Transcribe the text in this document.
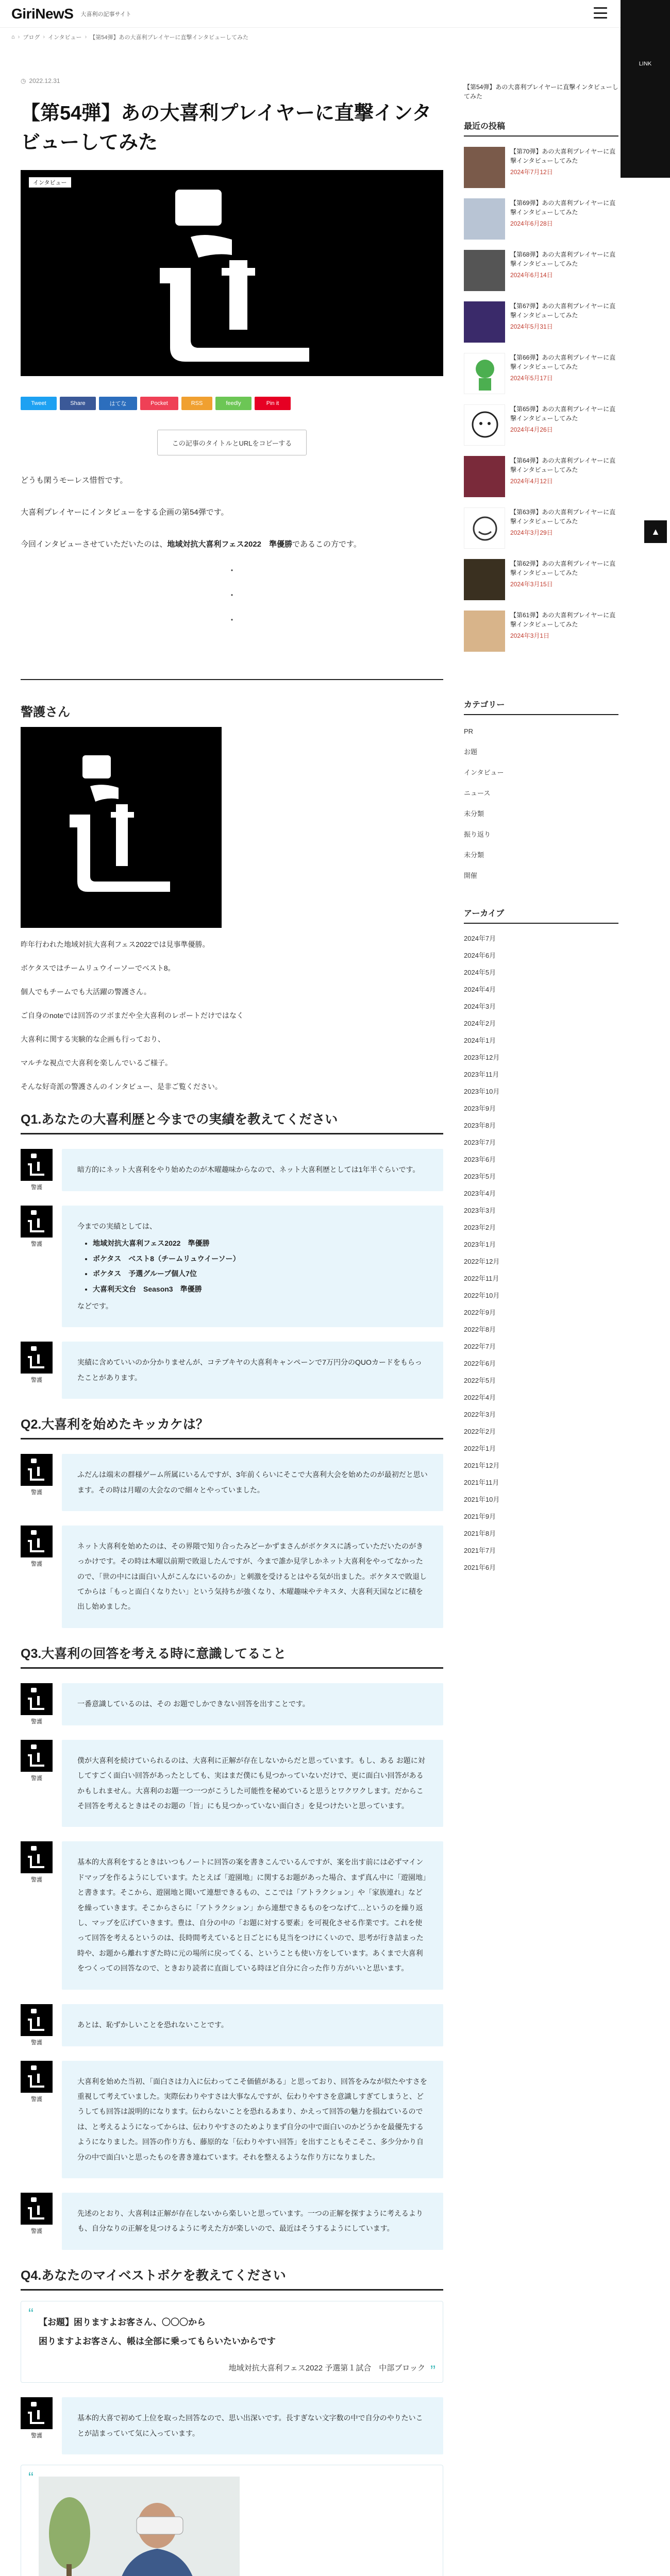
GiriNewS 大喜利の記事サイト
LINK
▲
⌂ › ブログ › インタビュー › 【第54弾】あの大喜利プレイヤーに直撃インタビューしてみた
◷ 2022.12.31
【第54弾】あの大喜利プレイヤーに直撃インタビューしてみた
インタビュー
Tweet	Share	はてな	Pocket	RSS	feedly	Pin it
この記事のタイトルとURLをコピーする

どうも閑うモーレス惜哲です。

大喜利プレイヤーにインタビューをする企画の第54弾です。

今回インタビューさせていただいたのは、地域対抗大喜利フェス2022　準優勝であるこの方です。

・
・
・
警護さん

昨年行われた地域対抗大喜利フェス2022では見事準優勝。

ボケタスではチームリュウイーソーでベスト8。

個人でもチームでも大活躍の警護さん。

ご自身のnoteでは回答のツボまだや全大喜利のレポートだけではなく

大喜利に関する実験的な企画も行っており、

マルチな視点で大喜利を楽しんでいるご様子。

そんな好奇派の警護さんのインタビュー、是非ご覧ください。

Q1.あなたの大喜利歴と今までの実績を教えてください
警護
暗方的にネット大喜利をやり始めたのが木曜趣味からなので、ネット大喜利歴としては1年半ぐらいです。
警護
今までの実績としては、
• 地域対抗大喜利フェス2022　準優勝
• ボケタス　ベスト8（チームリュウイーソー）
• ボケタス　予選グループ個人7位
• 大喜利天文台　Season3　準優勝
などです。
警護
実績に含めていいのか分かりませんが、コテブキヤの大喜利キャンペーンで7万円分のQUOカードをもらったことがあります。
Q2.大喜利を始めたキッカケは？
警護
ふだんは端末の群様ゲーム所属にいるんですが、3年前くらいにそこで大喜利大会を始めたのが最初だと思います。その時は月曜の大会なので細々とやっていました。
警護
ネット大喜利を始めたのは、その界隈で知り合ったみどーかずまさんがボケタスに誘っていただいたのがきっかけです。その時は木曜以前期で敗退したんですが、今まで誰か見学しかネット大喜利をやってなかったので、「世の中には面白い人がこんなにいるのか」と刺激を受けるとはやる気が出ました。ボケタスで敗退してからは「もっと面白くなりたい」という気持ちが強くなり、木曜趣味やテキスタ、大喜利天国などに積を出し始めました。
Q3.大喜利の回答を考える時に意識してること
警護
一番意識しているのは、その お題でしかできない回答を出すことです。
警護
僕が大喜利を続けていられるのは、大喜利に正解が存在しないからだと思っています。もし、ある お題に対してすごく面白い回答があったとしても、実はまだ僕にも見つかっていないだけで、更に面白い回答があるかもしれません。大喜利のお題一つ一つがこうした可能性を秘めていると思うとワクワクします。だからこそ回答を考えるときはそのお題の「旨」にも見つかっていない面白さ」を見つけたいと思っています。
警護
基本的大喜利をするときはいつもノートに回答の案を書きこんでいるんですが、案を出す前には必ずマインドマップを作るようにしています。たとえば「遊園地」に関するお題があった場合、まず真ん中に「遊園地」と書きます。そこから、遊園地と聞いて連想できるもの、ここでは「アトラクション」や「家族連れ」などを繰っていきます。そこからさらに「アトラクション」から連想できるものをつなげて…というのを繰り返し、マップを広げていきます。豊は、自分の中の「お題に対する要素」を可視化させる作業です。これを使って回答を考えるというのは、長時間考えていると日ごとにも見当をつけにくいので、思考が行き詰まった時や、お題から離れすぎた時に元の場所に戻ってくる、ということも使い方をしています。あくまで大喜利をつくっての回答なので、ときおり読者に直面している時ほど自分に合った作り方がいいと思います。
警護
あとは、恥ずかしいことを恐れないことです。
警護
大喜利を始めた当初、「面白さは力入に伝わってこそ価値がある」と思っており、回答をみなが似たやすさを重視して考えていました。実際伝わりやすさは大事なんですが、伝わりやすさを意識しすぎてしまうと、どうしても回答は説明的になります。伝わらないことを恐れるあまり、かえって回答の魅力を損ねているのでは、と考えるようになってからは、伝わりやすさのためよりまず自分の中で面白いのかどうかを最優先するようになりました。回答の作り方も、藤原的な「伝わりやすい回答」を出すこともそこそこ、多少分かり自分の中で面白いと思ったものを書き連ねています。それを整えるような作り方になりました。
警護
先述のとおり、大喜利は正解が存在しないから楽しいと思っています。一つの正解を探すように考えるよりも、自分なりの正解を見つけるように考えた方が楽しいので、最近はそうするようにしています。
Q4.あなたのマイベストボケを教えてください
“ 【お題】困りますよお客さん、〇〇〇から
困りますよお客さん、帳は全部に乗ってもらいたいからです
地域対抗大喜利フェス2022 予選第１試合　中部ブロック ”
警護
基本的大喜で初めて上位を取った回答なので、思い出深いです。長すぎない文字数の中で自分のやりたいことが詰まっていて気に入っています。
“
【第54弾】あの大喜利プレイヤーに直撃インタビューしてみた
最近の投稿
【第70弾】あの大喜利プレイヤーに直撃インタビューしてみた
2024年7月12日
【第69弾】あの大喜利プレイヤーに直撃インタビューしてみた
2024年6月28日
【第68弾】あの大喜利プレイヤーに直撃インタビューしてみた
2024年6月14日
【第67弾】あの大喜利プレイヤーに直撃インタビューしてみた
2024年5月31日
【第66弾】あの大喜利プレイヤーに直撃インタビューしてみた
2024年5月17日
【第65弾】あの大喜利プレイヤーに直撃インタビューしてみた
2024年4月26日
【第64弾】あの大喜利プレイヤーに直撃インタビューしてみた
2024年4月12日
【第63弾】あの大喜利プレイヤーに直撃インタビューしてみた
2024年3月29日
【第62弾】あの大喜利プレイヤーに直撃インタビューしてみた
2024年3月15日
【第61弾】あの大喜利プレイヤーに直撃インタビューしてみた
2024年3月1日
カテゴリー
PR
お題
インタビュー
ニュース
未分類
振り返り
未分類
開催
アーカイブ
2024年7月
2024年6月
2024年5月
2024年4月
2024年3月
2024年2月
2024年1月
2023年12月
2023年11月
2023年10月
2023年9月
2023年8月
2023年7月
2023年6月
2023年5月
2023年4月
2023年3月
2023年2月
2023年1月
2022年12月
2022年11月
2022年10月
2022年9月
2022年8月
2022年7月
2022年6月
2022年5月
2022年4月
2022年3月
2022年2月
2022年1月
2021年12月
2021年11月
2021年10月
2021年9月
2021年8月
2021年7月
2021年6月
